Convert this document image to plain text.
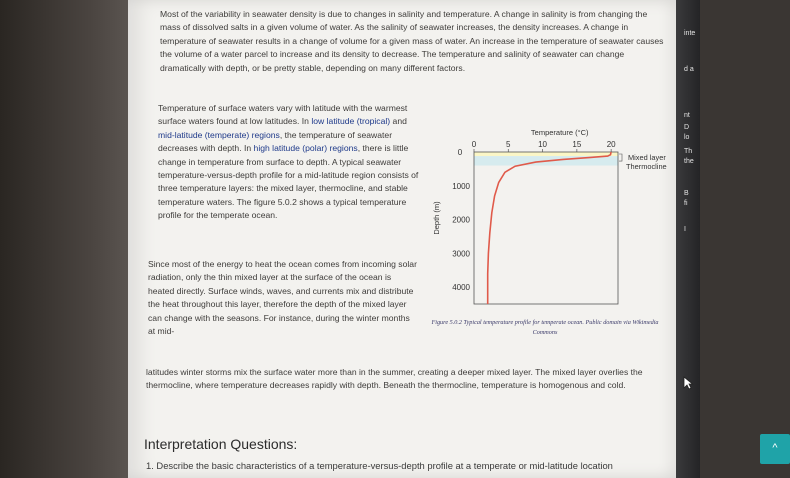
Most of the variability in seawater density is due to changes in salinity and temperature. A change in salinity is from changing the mass of dissolved salts in a given volume of water. As the salinity of seawater increases, the density increases. A change in temperature of seawater results in a change of volume for a given mass of water. An increase in the temperature of seawater causes the volume of a water parcel to increase and its density to decrease. The temperature and salinity of seawater can change dramatically with depth, or be pretty stable, depending on many different factors.

Temperature of surface waters vary with latitude with the warmest surface waters found at low latitudes. In low latitude (tropical) and mid-latitude (temperate) regions, the temperature of seawater decreases with depth. In high latitude (polar) regions, there is little change in temperature from surface to depth. A typical seawater temperature-versus-depth profile for a mid-latitude region consists of three temperature layers: the mixed layer, thermocline, and stable temperature waters. The figure 5.0.2 shows a typical temperature profile for the temperate ocean.

Since most of the energy to heat the ocean comes from incoming solar radiation, only the thin mixed layer at the surface of the ocean is heated directly. Surface winds, waves, and currents mix and distribute the heat throughout this layer, therefore the depth of the mixed layer can change with the seasons. For instance, during the winter months at mid-

latitudes winter storms mix the surface water more than in the summer, creating a deeper mixed layer. The mixed layer overlies the thermocline, where temperature decreases rapidly with depth. Beneath the thermocline, temperature is homogenous and cold.

0	5	10	15	20
Temperature (°C)
0
1000
2000
3000
4000
Depth (m)
Mixed layer
Thermocline
Figure 5.0.2 Typical temperature profile for temperate ocean. Public domain via Wikimedia Commons
Interpretation Questions:

1. Describe the basic characteristics of a temperature-versus-depth profile at a temperate or mid-latitude location

^
inte
d a
nt
D
lo
Th
the
B
fi
I
